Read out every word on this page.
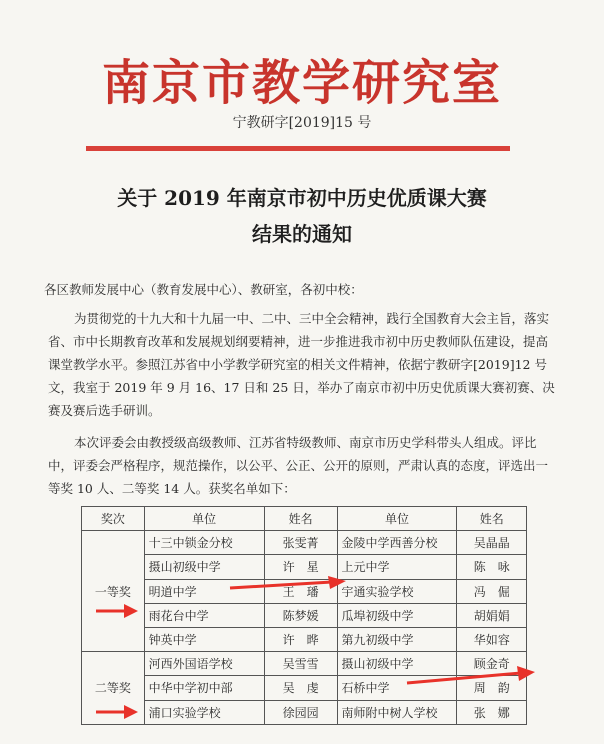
南京市教学研究室
宁教研字[2019]15 号
关于 2019 年南京市初中历史优质课大赛
结果的通知
各区教师发展中心（教育发展中心）、教研室，各初中校：
为贯彻党的十九大和十九届一中、二中、三中全会精神，践行全国教育大会主旨，落实省、市中长期教育改革和发展规划纲要精神，进一步推进我市初中历史教师队伍建设，提高课堂教学水平。参照江苏省中小学教学研究室的相关文件精神，依据宁教研字[2019]12 号文，我室于 2019 年 9 月 16、17 日和 25 日，举办了南京市初中历史优质课大赛初赛、决赛及赛后选手研训。
本次评委会由教授级高级教师、江苏省特级教师、南京市历史学科带头人组成。评比中，评委会严格程序，规范操作，以公平、公正、公开的原则，严肃认真的态度，评选出一等奖 10 人、二等奖 14 人。获奖名单如下：
奖次	单位	姓名	单位	姓名
一等奖	十三中锁金分校	张雯菁	金陵中学西善分校	吴晶晶
	摄山初级中学	许　星	上元中学	陈　咏
	明道中学	王　璠	宇通实验学校	冯　倔
	雨花台中学	陈梦媛	瓜埠初级中学	胡娟娟
	钟英中学	许　晔	第九初级中学	华如容
二等奖	河西外国语学校	吴雪雪	摄山初级中学	顾金奇
	中华中学初中部	吴　虔	石桥中学	周　韵
	浦口实验学校	徐园园	南师附中树人学校	张　娜
